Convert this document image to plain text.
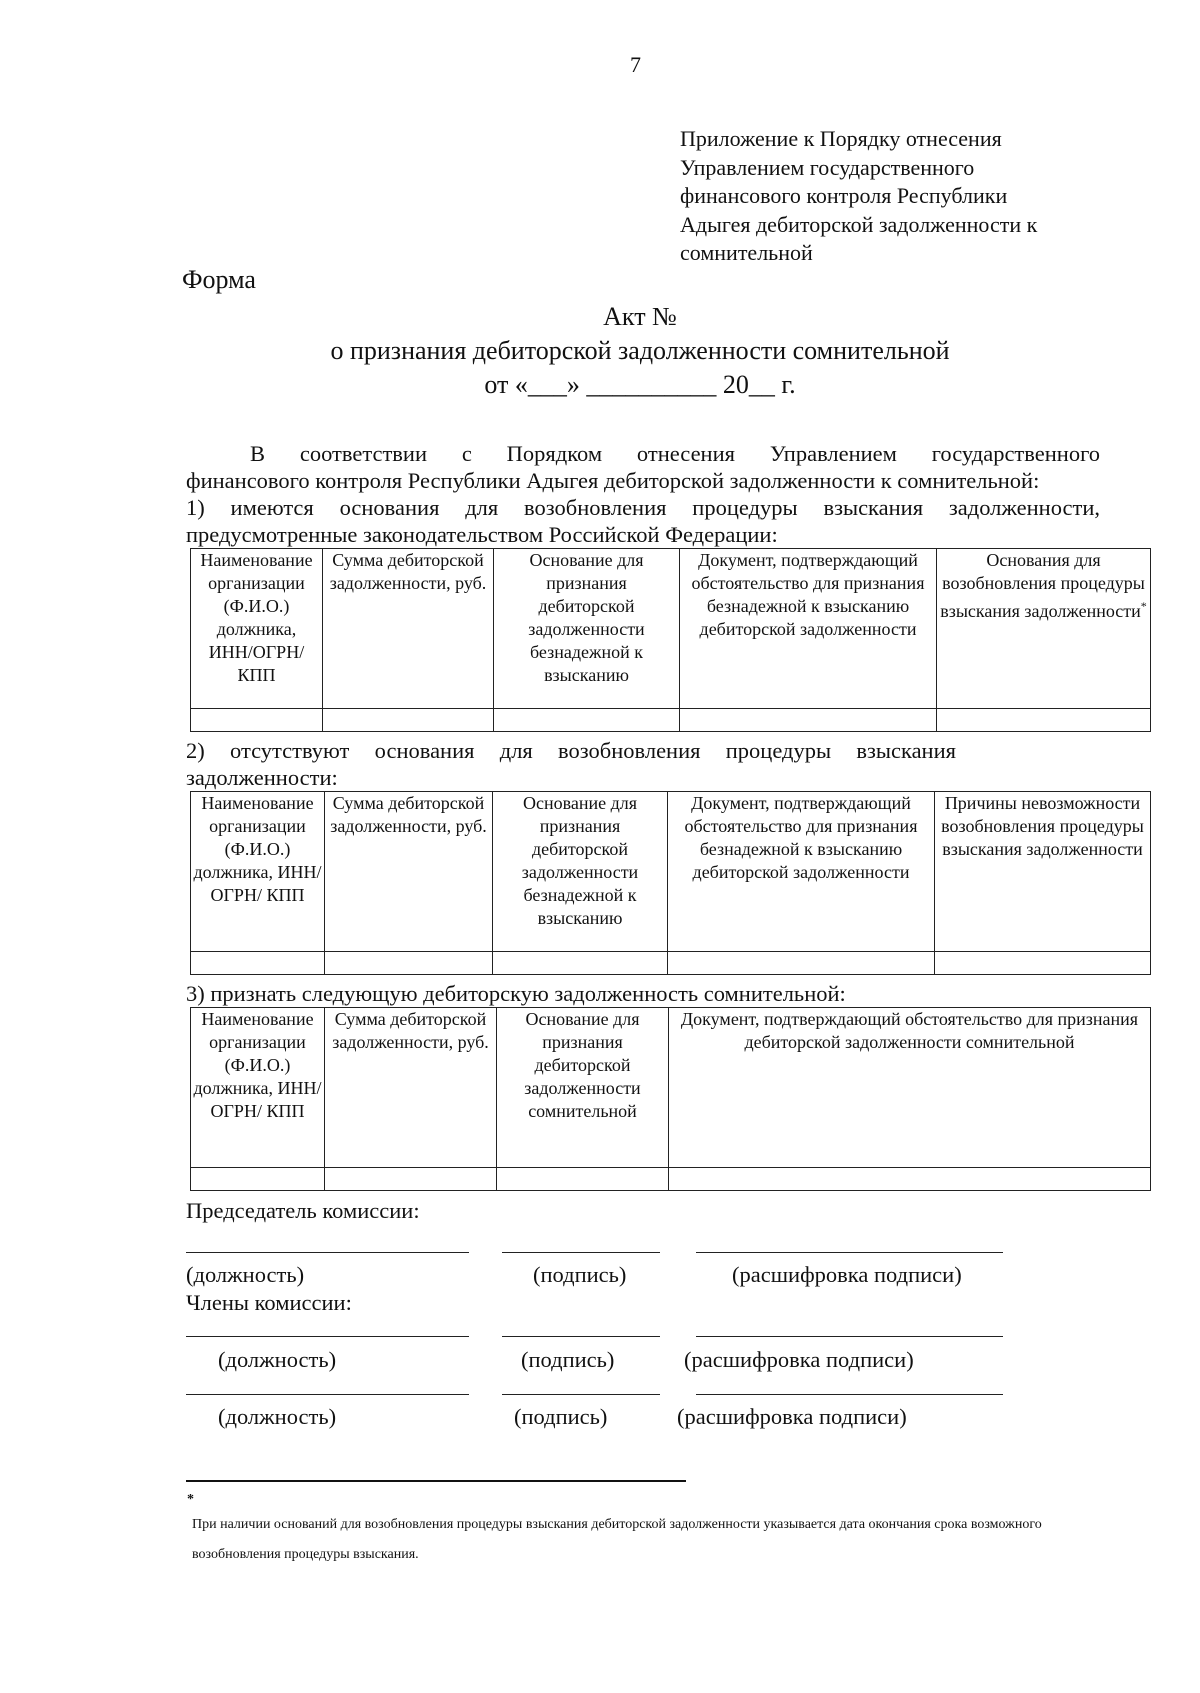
7
Приложение к Порядку отнесения
Управлением государственного
финансового контроля Республики
Адыгея дебиторской задолженности к
сомнительной
Форма
Акт №
о признания дебиторской задолженности сомнительной
от «___» __________ 20__ г.
В соответствии с Порядком отнесения Управлением государственного
финансового контроля Республики Адыгея дебиторской задолженности к сомнительной:
1) имеются основания для возобновления процедуры взыскания задолженности,
предусмотренные законодательством Российской Федерации:
Наименование организации (Ф.И.О.) должника, ИНН/ОГРН/ КПП	Сумма дебиторской задолженности, руб.	Основание для признания дебиторской задолженности безнадежной к взысканию	Документ, подтверждающий обстоятельство для признания безнадежной к взысканию дебиторской задолженности	Основания для возобновления процедуры взыскания задолженности*

2) отсутствуют основания для возобновления процедуры взыскания
задолженности:
Наименование организации (Ф.И.О.) должника, ИНН/ОГРН/ КПП	Сумма дебиторской задолженности, руб.	Основание для признания дебиторской задолженности безнадежной к взысканию	Документ, подтверждающий обстоятельство для признания безнадежной к взысканию дебиторской задолженности	Причины невозможности возобновления процедуры взыскания задолженности

3) признать следующую дебиторскую задолженность сомнительной:
Наименование организации (Ф.И.О.) должника, ИНН/ОГРН/ КПП	Сумма дебиторской задолженности, руб.	Основание для признания дебиторской задолженности сомнительной	Документ, подтверждающий обстоятельство для признания дебиторской задолженности сомнительной

Председатель комиссии:
(должность)	(подпись)	(расшифровка подписи)
Члены комиссии:
(должность)	(подпись)	(расшифровка подписи)
(должность)	(подпись)	(расшифровка подписи)
*
При наличии оснований для возобновления процедуры взыскания дебиторской задолженности указывается дата окончания срока возможного возобновления процедуры взыскания.
